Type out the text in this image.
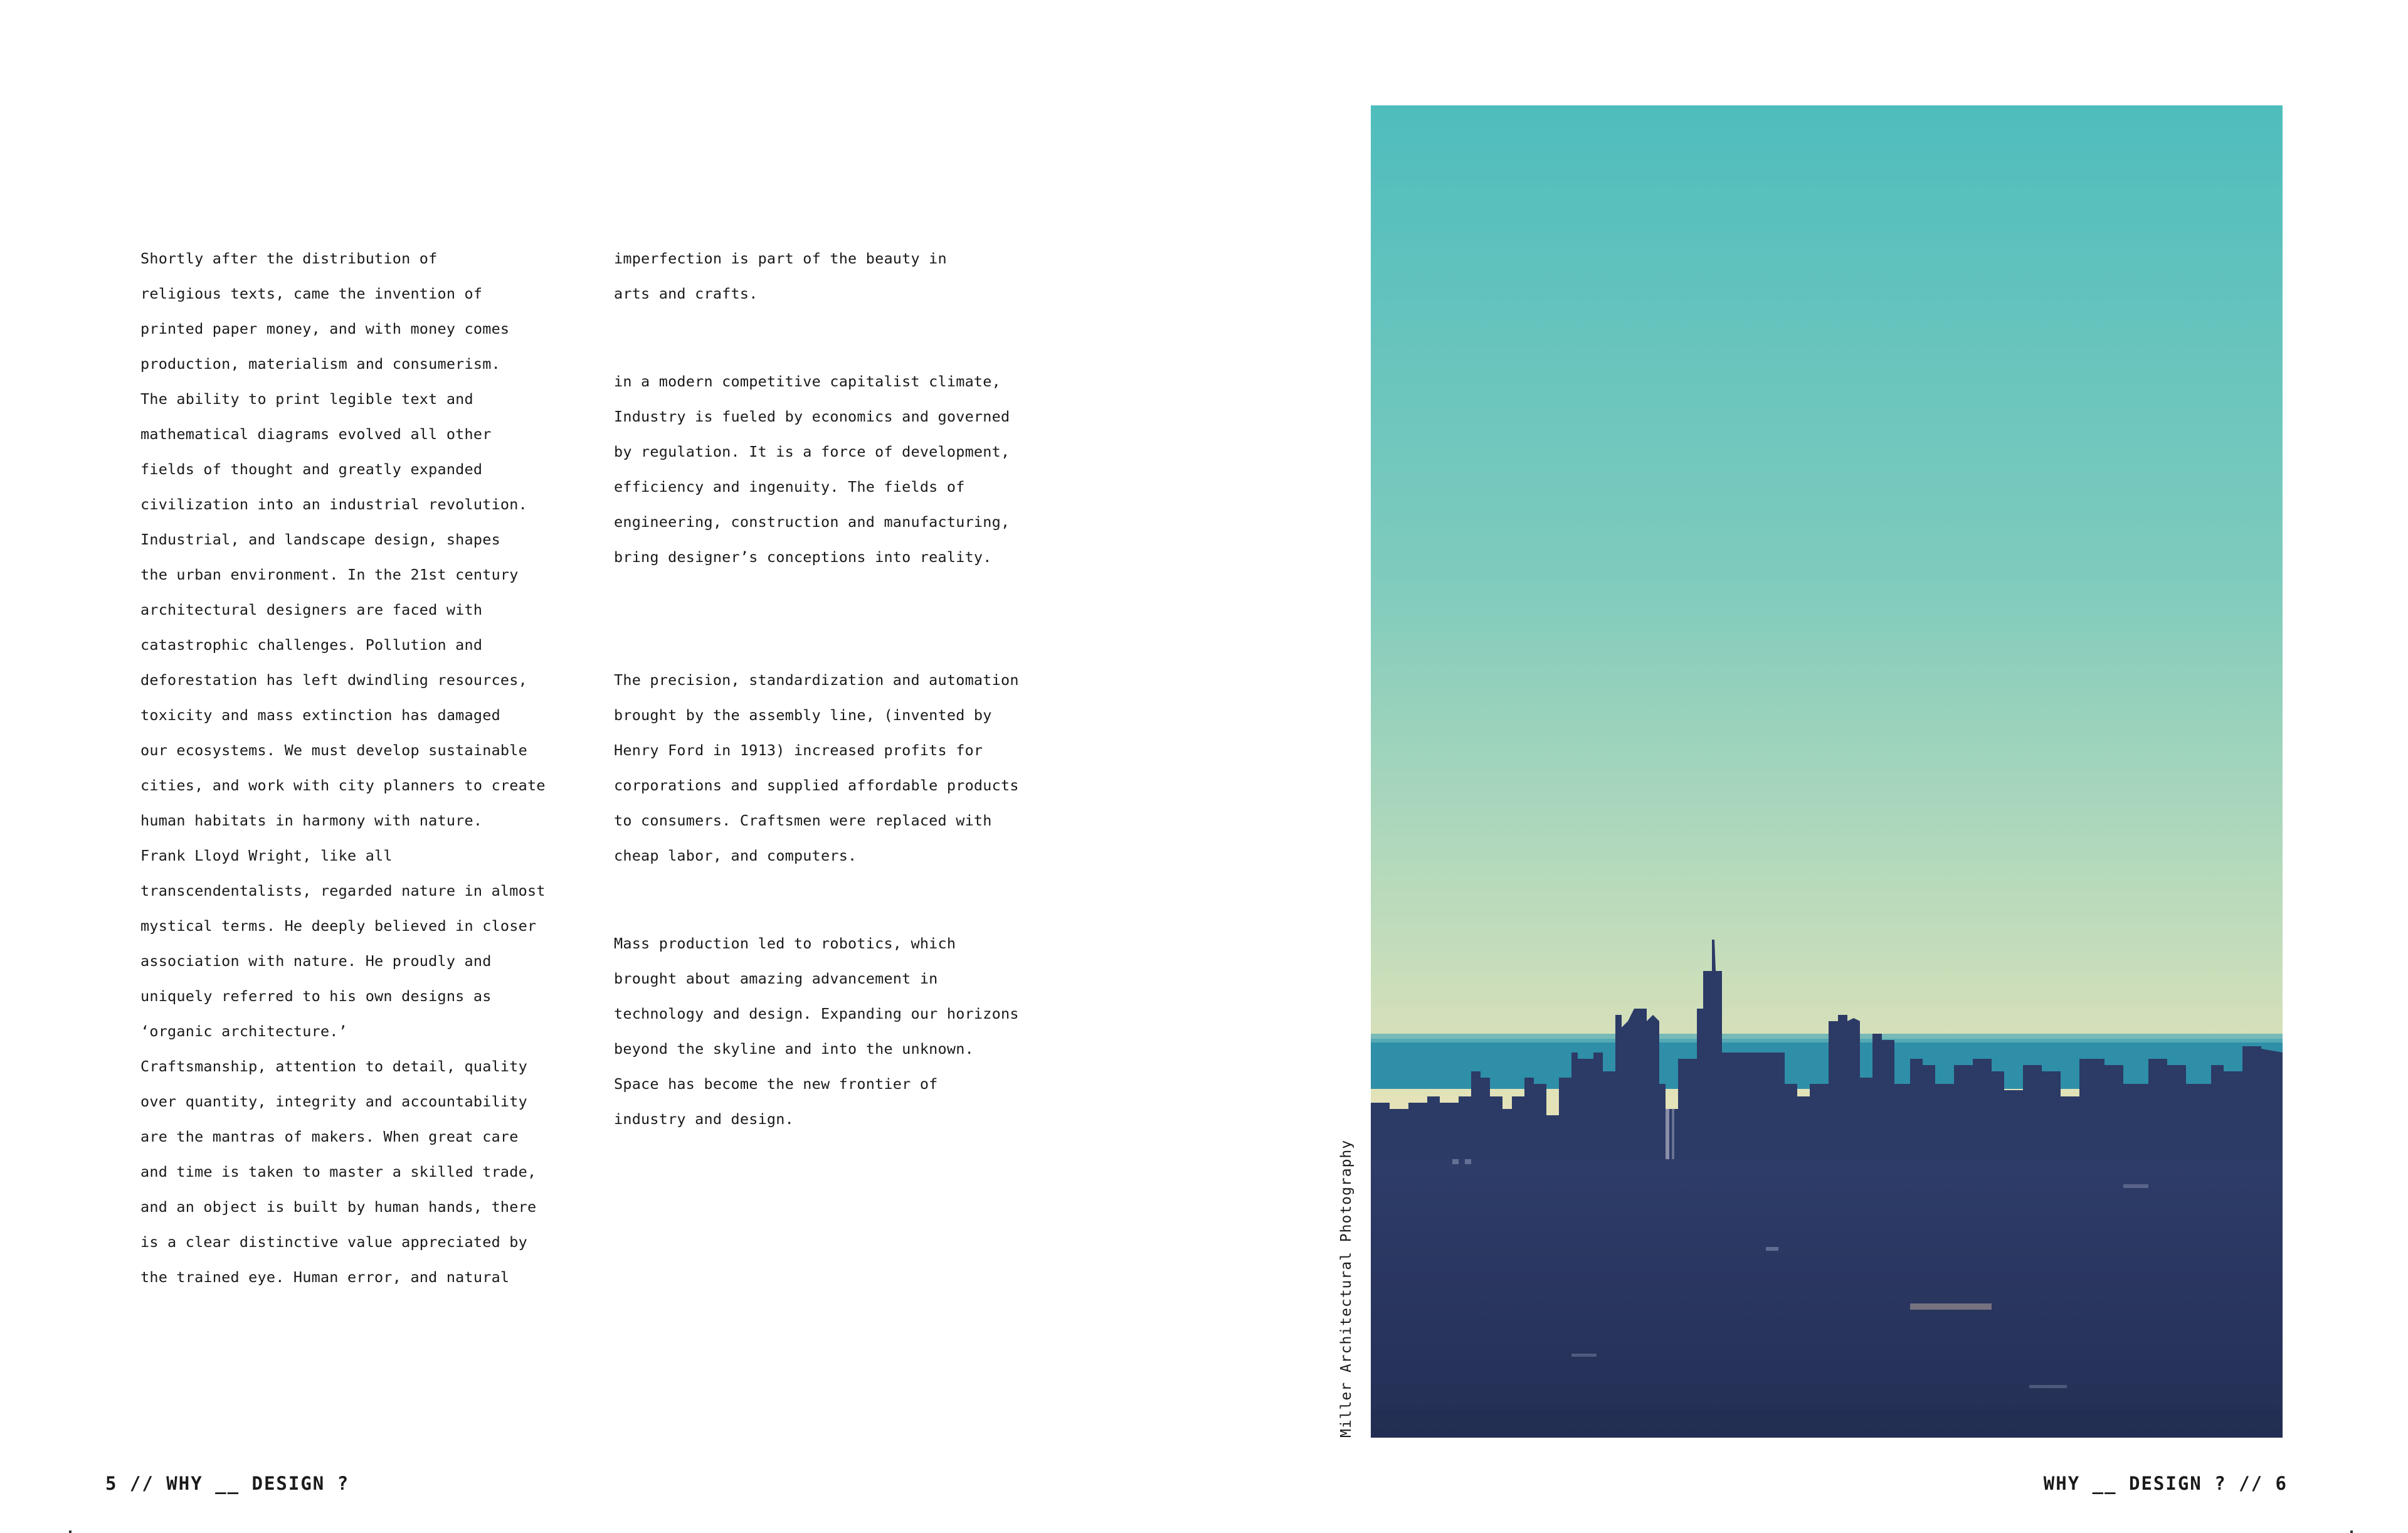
Shortly after the distribution of
religious texts, came the invention of
printed paper money, and with money comes
production, materialism and consumerism.
The ability to print legible text and
mathematical diagrams evolved all other
fields of thought and greatly expanded
civilization into an industrial revolution.
Industrial, and landscape design, shapes
the urban environment. In the 21st century
architectural designers are faced with
catastrophic challenges. Pollution and
deforestation has left dwindling resources,
toxicity and mass extinction has damaged
our ecosystems. We must develop sustainable
cities, and work with city planners to create
human habitats in harmony with nature.
Frank Lloyd Wright, like all
transcendentalists, regarded nature in almost
mystical terms. He deeply believed in closer
association with nature. He proudly and
uniquely referred to his own designs as
‘organic architecture.’
Craftsmanship, attention to detail, quality
over quantity, integrity and accountability
are the mantras of makers. When great care
and time is taken to master a skilled trade,
and an object is built by human hands, there
is a clear distinctive value appreciated by
the trained eye. Human error, and natural

imperfection is part of the beauty in
arts and crafts.

in a modern competitive capitalist climate,
Industry is fueled by economics and governed
by regulation. It is a force of development,
efficiency and ingenuity. The fields of
engineering, construction and manufacturing,
bring designer’s conceptions into reality.

The precision, standardization and automation
brought by the assembly line, (invented by
Henry Ford in 1913) increased profits for
corporations and supplied affordable products
to consumers. Craftsmen were replaced with
cheap labor, and computers.

Mass production led to robotics, which
brought about amazing advancement in
technology and design. Expanding our horizons
beyond the skyline and into the unknown.
Space has become the new frontier of
industry and design.

Miller Architectural Photography
5 // WHY __ DESIGN ?	WHY __ DESIGN ? // 6
